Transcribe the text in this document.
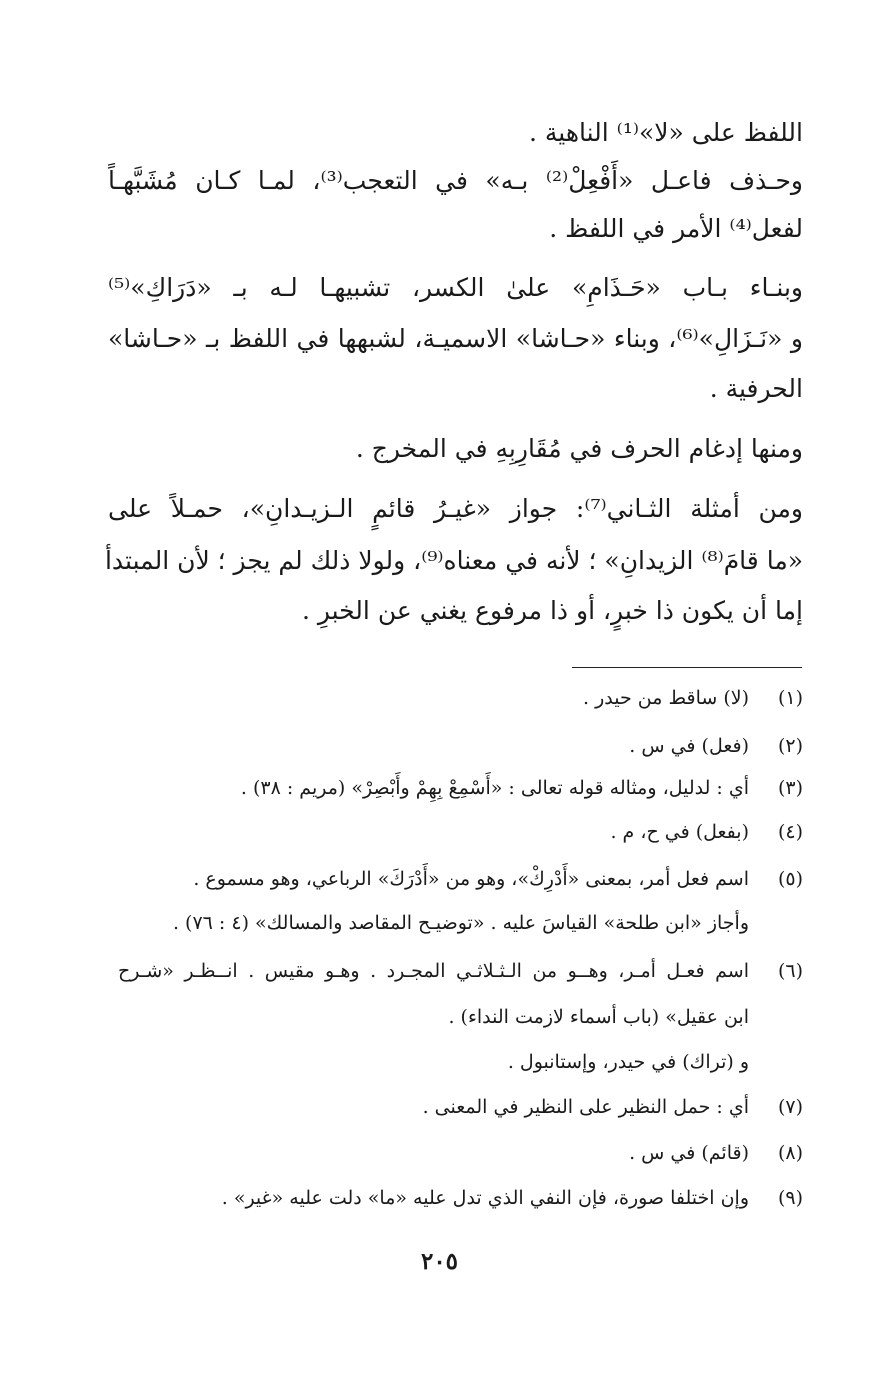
اللفظ على «لا»⁽¹⁾ الناهية .
وحـذف فاعـل «أَفْعِلْ⁽²⁾ بـه» في التعجب⁽³⁾، لمـا كـان مُشَبَّهـاً
لفعل⁽⁴⁾ الأمر في اللفظ .
وبنـاء بـاب «حَـذَامِ» علىٰ الكسر، تشبيهـا لـه بـ «دَرَاكِ»⁽⁵⁾
و «نَـزَالِ»⁽⁶⁾، وبناء «حـاشا» الاسميـة، لشبهها في اللفظ بـ «حـاشا»
الحرفية .
ومنها إدغام الحرف في مُقَارِبِهِ في المخرج .
ومن أمثلة الثـاني⁽⁷⁾: جواز «غيـرُ قائمٍ الـزيـدانِ»، حمـلاً على
«ما قامَ⁽⁸⁾ الزيدانِ» ؛ لأنه في معناه⁽⁹⁾، ولولا ذلك لم يجز ؛ لأن المبتدأ
إما أن يكون ذا خبرٍ، أو ذا مرفوع يغني عن الخبرِ .
(١)
(لا) ساقط من حيدر .
(٢)
(فعل) في س .
(٣)
أي : لدليل، ومثاله قوله تعالى : «أَسْمِعْ بِهِمْ وأَبْصِرْ» (مريم : ٣٨) .
(٤)
(بفعل) في ح، م .
(٥)
اسم فعل أمر، بمعنى «أَدْرِكْ»، وهو من «أَدْرَكَ» الرباعي، وهو مسموع .
وأجاز «ابن طلحة» القياسَ عليه . «توضيـح المقاصد والمسالك» (٤ : ٧٦) .
(٦)
اسم فعـل أمـر، وهــو من الـثـلاثـي المجـرد . وهـو مقيس . انــظـر «شـرح
ابن عقيل» (باب أسماء لازمت النداء) .
و (تراك) في حيدر، وإستانبول .
(٧)
أي : حمل النظير على النظير في المعنى .
(٨)
(قائم) في س .
(٩)
وإن اختلفا صورة، فإن النفي الذي تدل عليه «ما» دلت عليه «غير» .
٢٠٥
